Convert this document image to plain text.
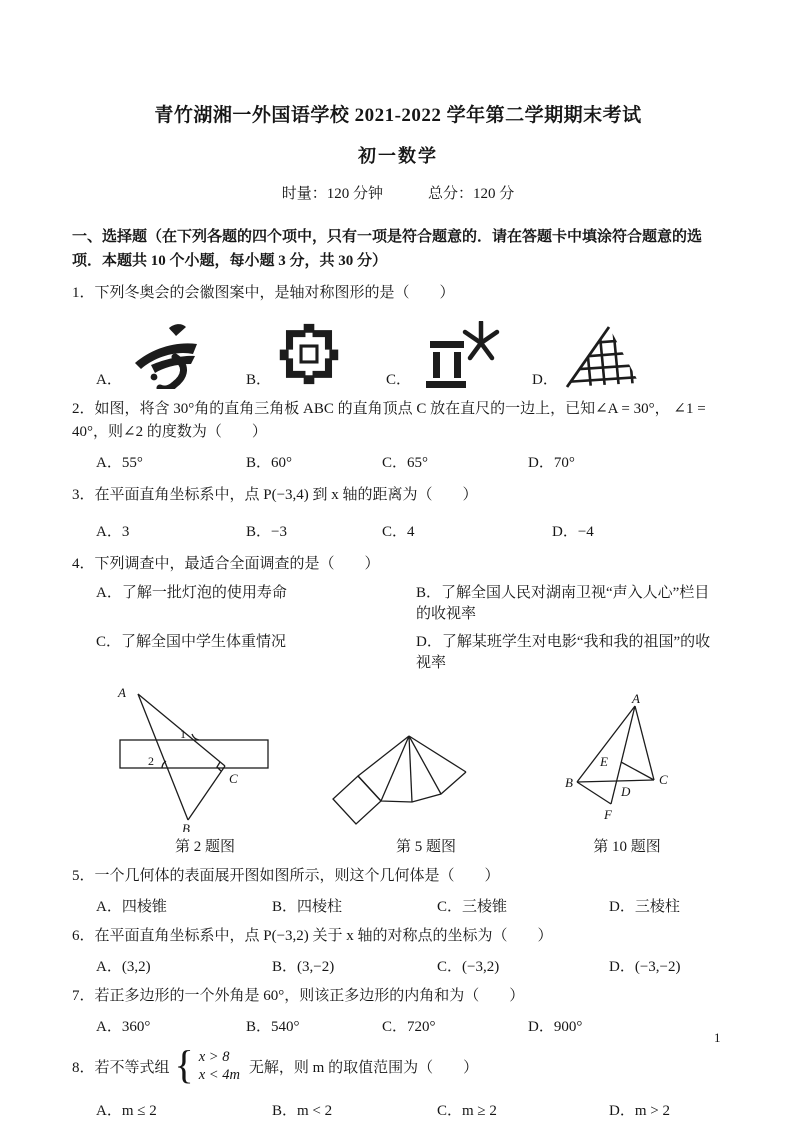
青竹湖湘一外国语学校 2021-2022 学年第二学期期末考试
初一数学
时量：120 分钟　　　总分：120 分
一、选择题（在下列各题的四个项中，只有一项是符合题意的．请在答题卡中填涂符合题意的选项．本题共 10 个小题，每小题 3 分，共 30 分）
1．下列冬奥会的会徽图案中，是轴对称图形的是（　　）
A．	B．	C．	D．
2．如图，将含 30°角的直角三角板 ABC 的直角顶点 C 放在直尺的一边上，已知∠A = 30°， ∠1 = 40°，则∠2 的度数为（　　）
A．55°	B．60°	C．65°	D．70°
3．在平面直角坐标系中，点 P(−3,4) 到 x 轴的距离为（　　）
A．3	B．−3	C．4	D．−4
4．下列调查中，最适合全面调查的是（　　）
A．了解一批灯泡的使用寿命	B．了解全国人民对湖南卫视“声入人心”栏目的收视率
C．了解全国中学生体重情况	D．了解某班学生对电影“我和我的祖国”的收视率
A
1
2
C
B
第 2 题图	第 5 题图
A
B	C
E
D
F
第 10 题图
5．一个几何体的表面展开图如图所示，则这个几何体是（　　）
A．四棱锥	B．四棱柱	C．三棱锥	D．三棱柱
6．在平面直角坐标系中，点 P(−3,2) 关于 x 轴的对称点的坐标为（　　）
A．(3,2)	B．(3,−2)	C．(−3,2)	D．(−3,−2)
7．若正多边形的一个外角是 60°，则该正多边形的内角和为（　　）
A．360°	B．540°	C．720°	D．900°
8．若不等式组 { x > 8
x < 4m 无解，则 m 的取值范围为（　　）
A．m ≤ 2	B．m < 2	C．m ≥ 2	D．m > 2
1
